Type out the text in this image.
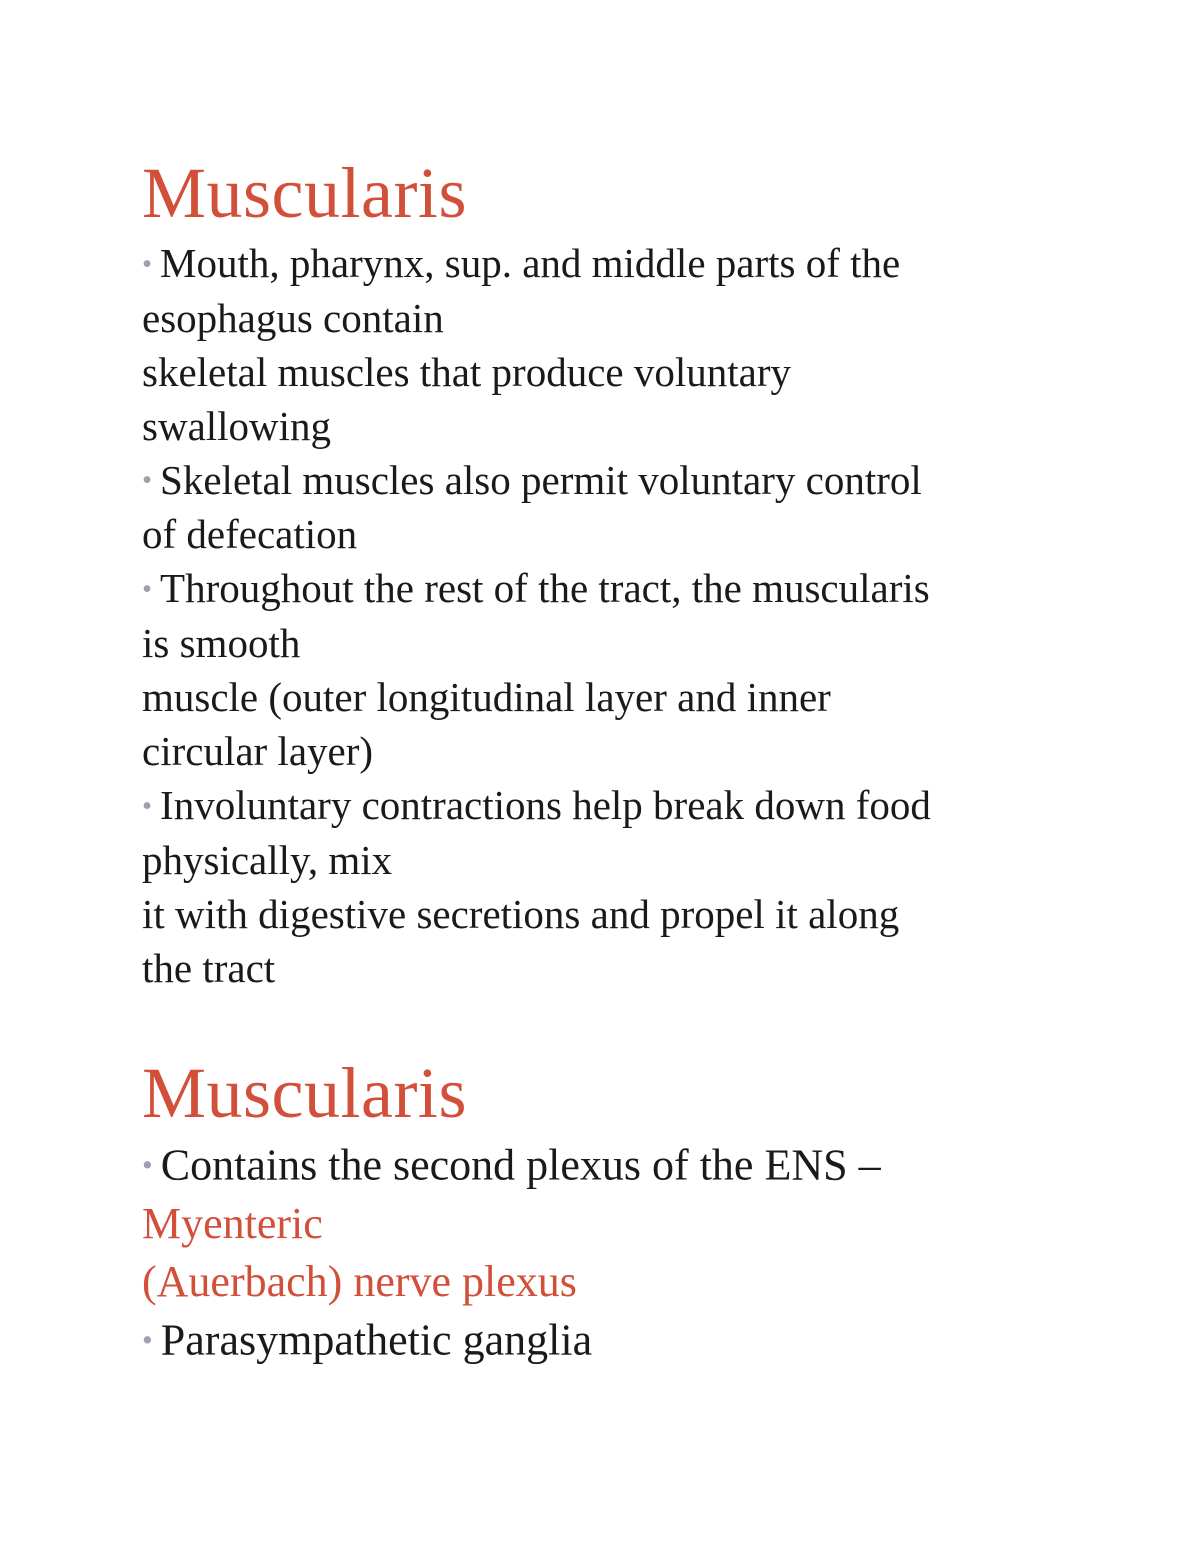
Muscularis
• Mouth, pharynx, sup. and middle parts of the
esophagus contain
skeletal muscles that produce voluntary
swallowing
• Skeletal muscles also permit voluntary control
of defecation
• Throughout the rest of the tract, the muscularis
is smooth
muscle (outer longitudinal layer and inner
circular layer)
• Involuntary contractions help break down food
physically, mix
it with digestive secretions and propel it along
the tract
Muscularis
• Contains the second plexus of the ENS –
Myenteric
(Auerbach) nerve plexus
• Parasympathetic ganglia
